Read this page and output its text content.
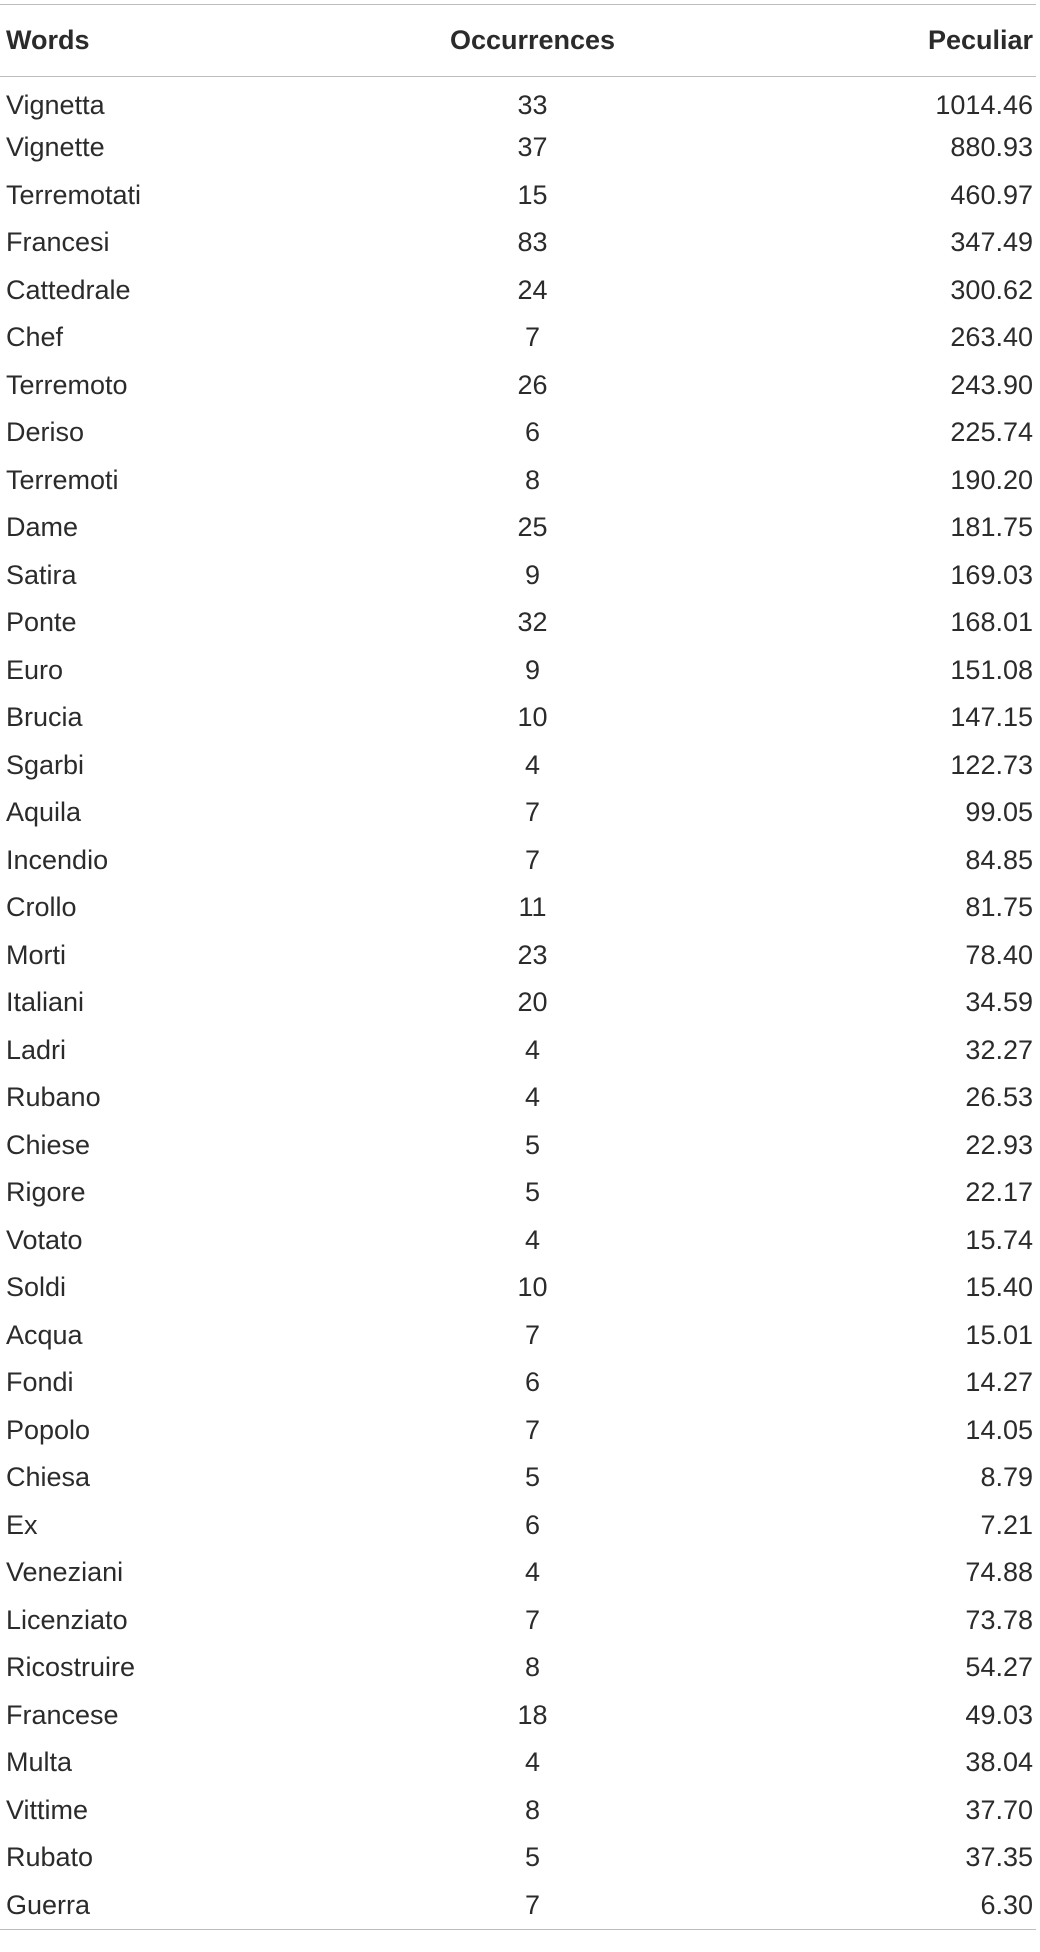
Words	Occurrences	Peculiar
Vignetta	33	1014.46
Vignette	37	880.93
Terremotati	15	460.97
Francesi	83	347.49
Cattedrale	24	300.62
Chef	7	263.40
Terremoto	26	243.90
Deriso	6	225.74
Terremoti	8	190.20
Dame	25	181.75
Satira	9	169.03
Ponte	32	168.01
Euro	9	151.08
Brucia	10	147.15
Sgarbi	4	122.73
Aquila	7	99.05
Incendio	7	84.85
Crollo	11	81.75
Morti	23	78.40
Italiani	20	34.59
Ladri	4	32.27
Rubano	4	26.53
Chiese	5	22.93
Rigore	5	22.17
Votato	4	15.74
Soldi	10	15.40
Acqua	7	15.01
Fondi	6	14.27
Popolo	7	14.05
Chiesa	5	8.79
Ex	6	7.21
Veneziani	4	74.88
Licenziato	7	73.78
Ricostruire	8	54.27
Francese	18	49.03
Multa	4	38.04
Vittime	8	37.70
Rubato	5	37.35
Guerra	7	6.30
